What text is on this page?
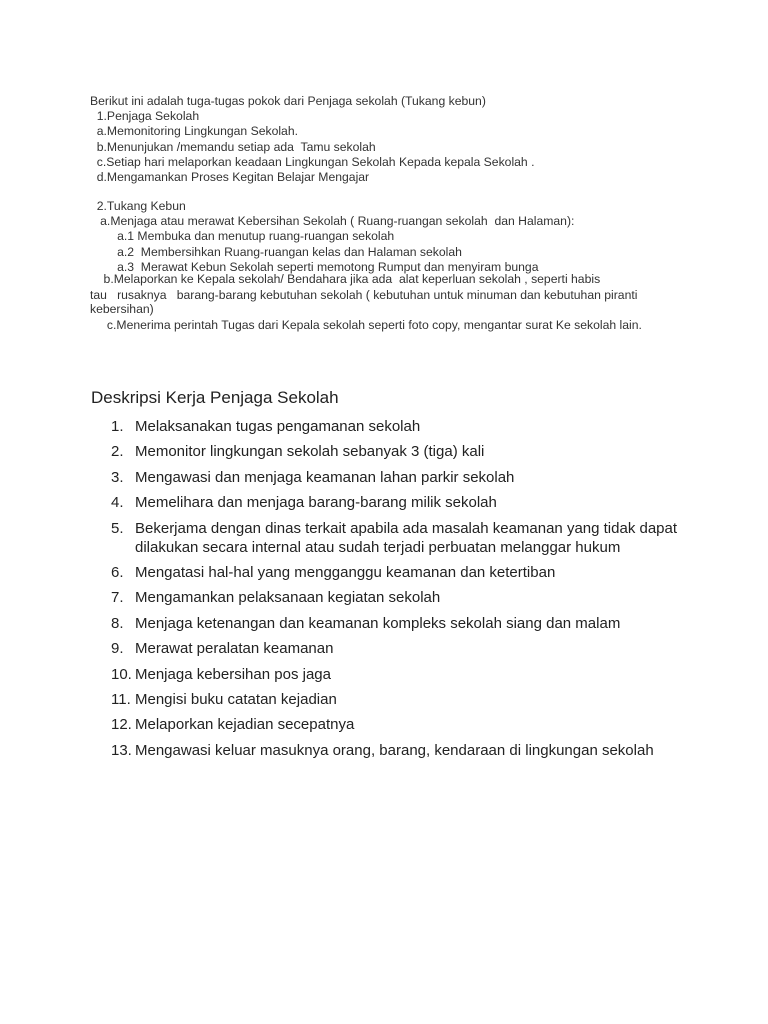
Berikut ini adalah tuga-tugas pokok dari Penjaga sekolah (Tukang kebun)

1.Penjaga Sekolah

a.Memonitoring Lingkungan Sekolah.

b.Menunjukan /memandu setiap ada  Tamu sekolah

c.Setiap hari melaporkan keadaan Lingkungan Sekolah Kepada kepala Sekolah .

d.Mengamankan Proses Kegitan Belajar Mengajar

2.Tukang Kebun

a.Menjaga atau merawat Kebersihan Sekolah ( Ruang-ruangan sekolah  dan Halaman):

a.1 Membuka dan menutup ruang-ruangan sekolah

a.2  Membersihkan Ruang-ruangan kelas dan Halaman sekolah

a.3  Merawat Kebun Sekolah seperti memotong Rumput dan menyiram bunga

b.Melaporkan ke Kepala sekolah/ Bendahara jika ada  alat keperluan sekolah , seperti habis

tau   rusaknya   barang-barang kebutuhan sekolah ( kebutuhan untuk minuman dan kebutuhan piranti

kebersihan)

c.Menerima perintah Tugas dari Kepala sekolah seperti foto copy, mengantar surat Ke sekolah lain.

Deskripsi Kerja Penjaga Sekolah
1. Melaksanakan tugas pengamanan sekolah
2. Memonitor lingkungan sekolah sebanyak 3 (tiga) kali
3. Mengawasi dan menjaga keamanan lahan parkir sekolah
4. Memelihara dan menjaga barang-barang milik sekolah
5. Bekerjama dengan dinas terkait apabila ada masalah keamanan yang tidak dapat dilakukan secara internal atau sudah terjadi perbuatan melanggar hukum
6. Mengatasi hal-hal yang mengganggu keamanan dan ketertiban
7. Mengamankan pelaksanaan kegiatan sekolah
8. Menjaga ketenangan dan keamanan kompleks sekolah siang dan malam
9. Merawat peralatan keamanan
10. Menjaga kebersihan pos jaga
11. Mengisi buku catatan kejadian
12. Melaporkan kejadian secepatnya
13. Mengawasi keluar masuknya orang, barang, kendaraan di lingkungan sekolah
